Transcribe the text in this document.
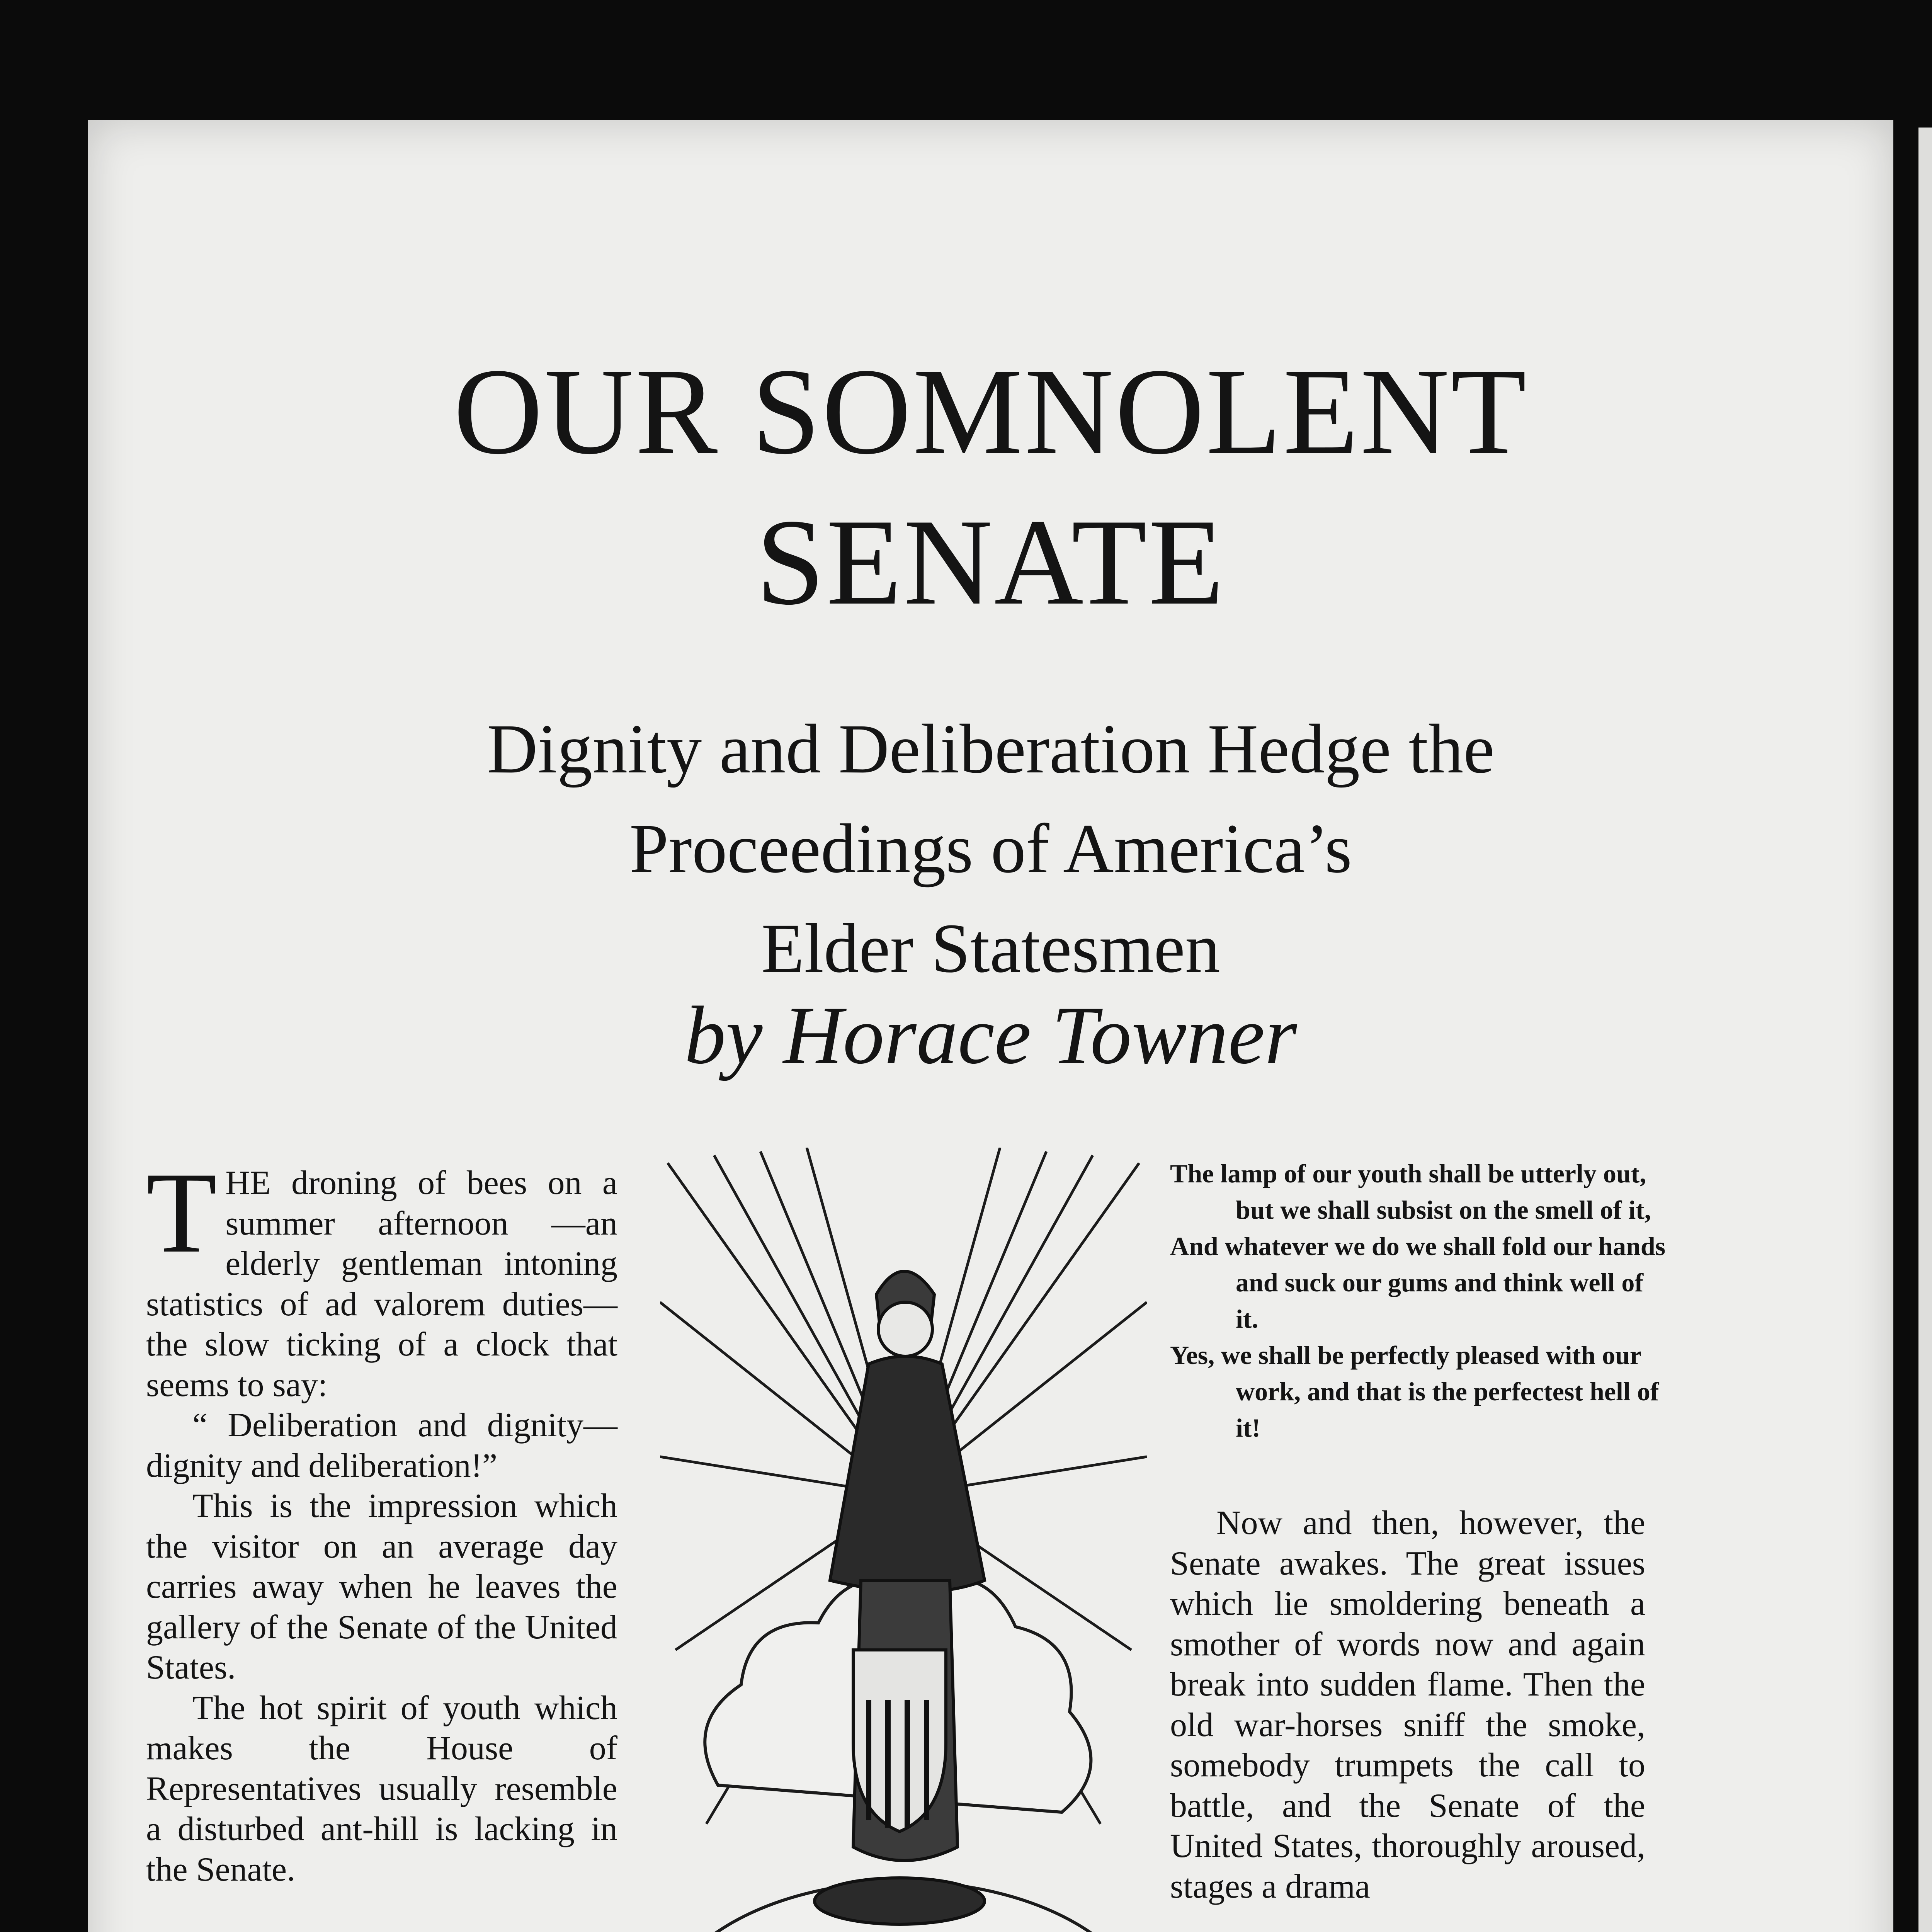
OUR SOMNOLENT
SENATE
Dignity and Deliberation Hedge the
Proceedings of America’s
Elder Statesmen
by Horace Towner

THE droning of bees on a summer afternoon —an elderly gentleman intoning statistics of ad valorem duties—the slow ticking of a clock that seems to say:

“ Deliberation and dignity—dignity and deliberation!”

This is the impression which the visitor on an average day carries away when he leaves the gallery of the Senate of the United States.

The hot spirit of youth which makes the House of Representatives usually resemble a disturbed ant-hill is lacking in the Senate.

The lamp of our youth shall be utterly out, but we shall subsist on the smell of it,
And whatever we do we shall fold our hands and suck our gums and think well of it.
Yes, we shall be perfectly pleased with our work, and that is the perfectest hell of it!

Now and then, however, the Senate awakes. The great issues which lie smoldering beneath a smother of words now and again break into sudden flame. Then the old war-horses sniff the smoke, somebody trumpets the call to battle, and the Senate of the United States, thoroughly aroused, stages a drama
